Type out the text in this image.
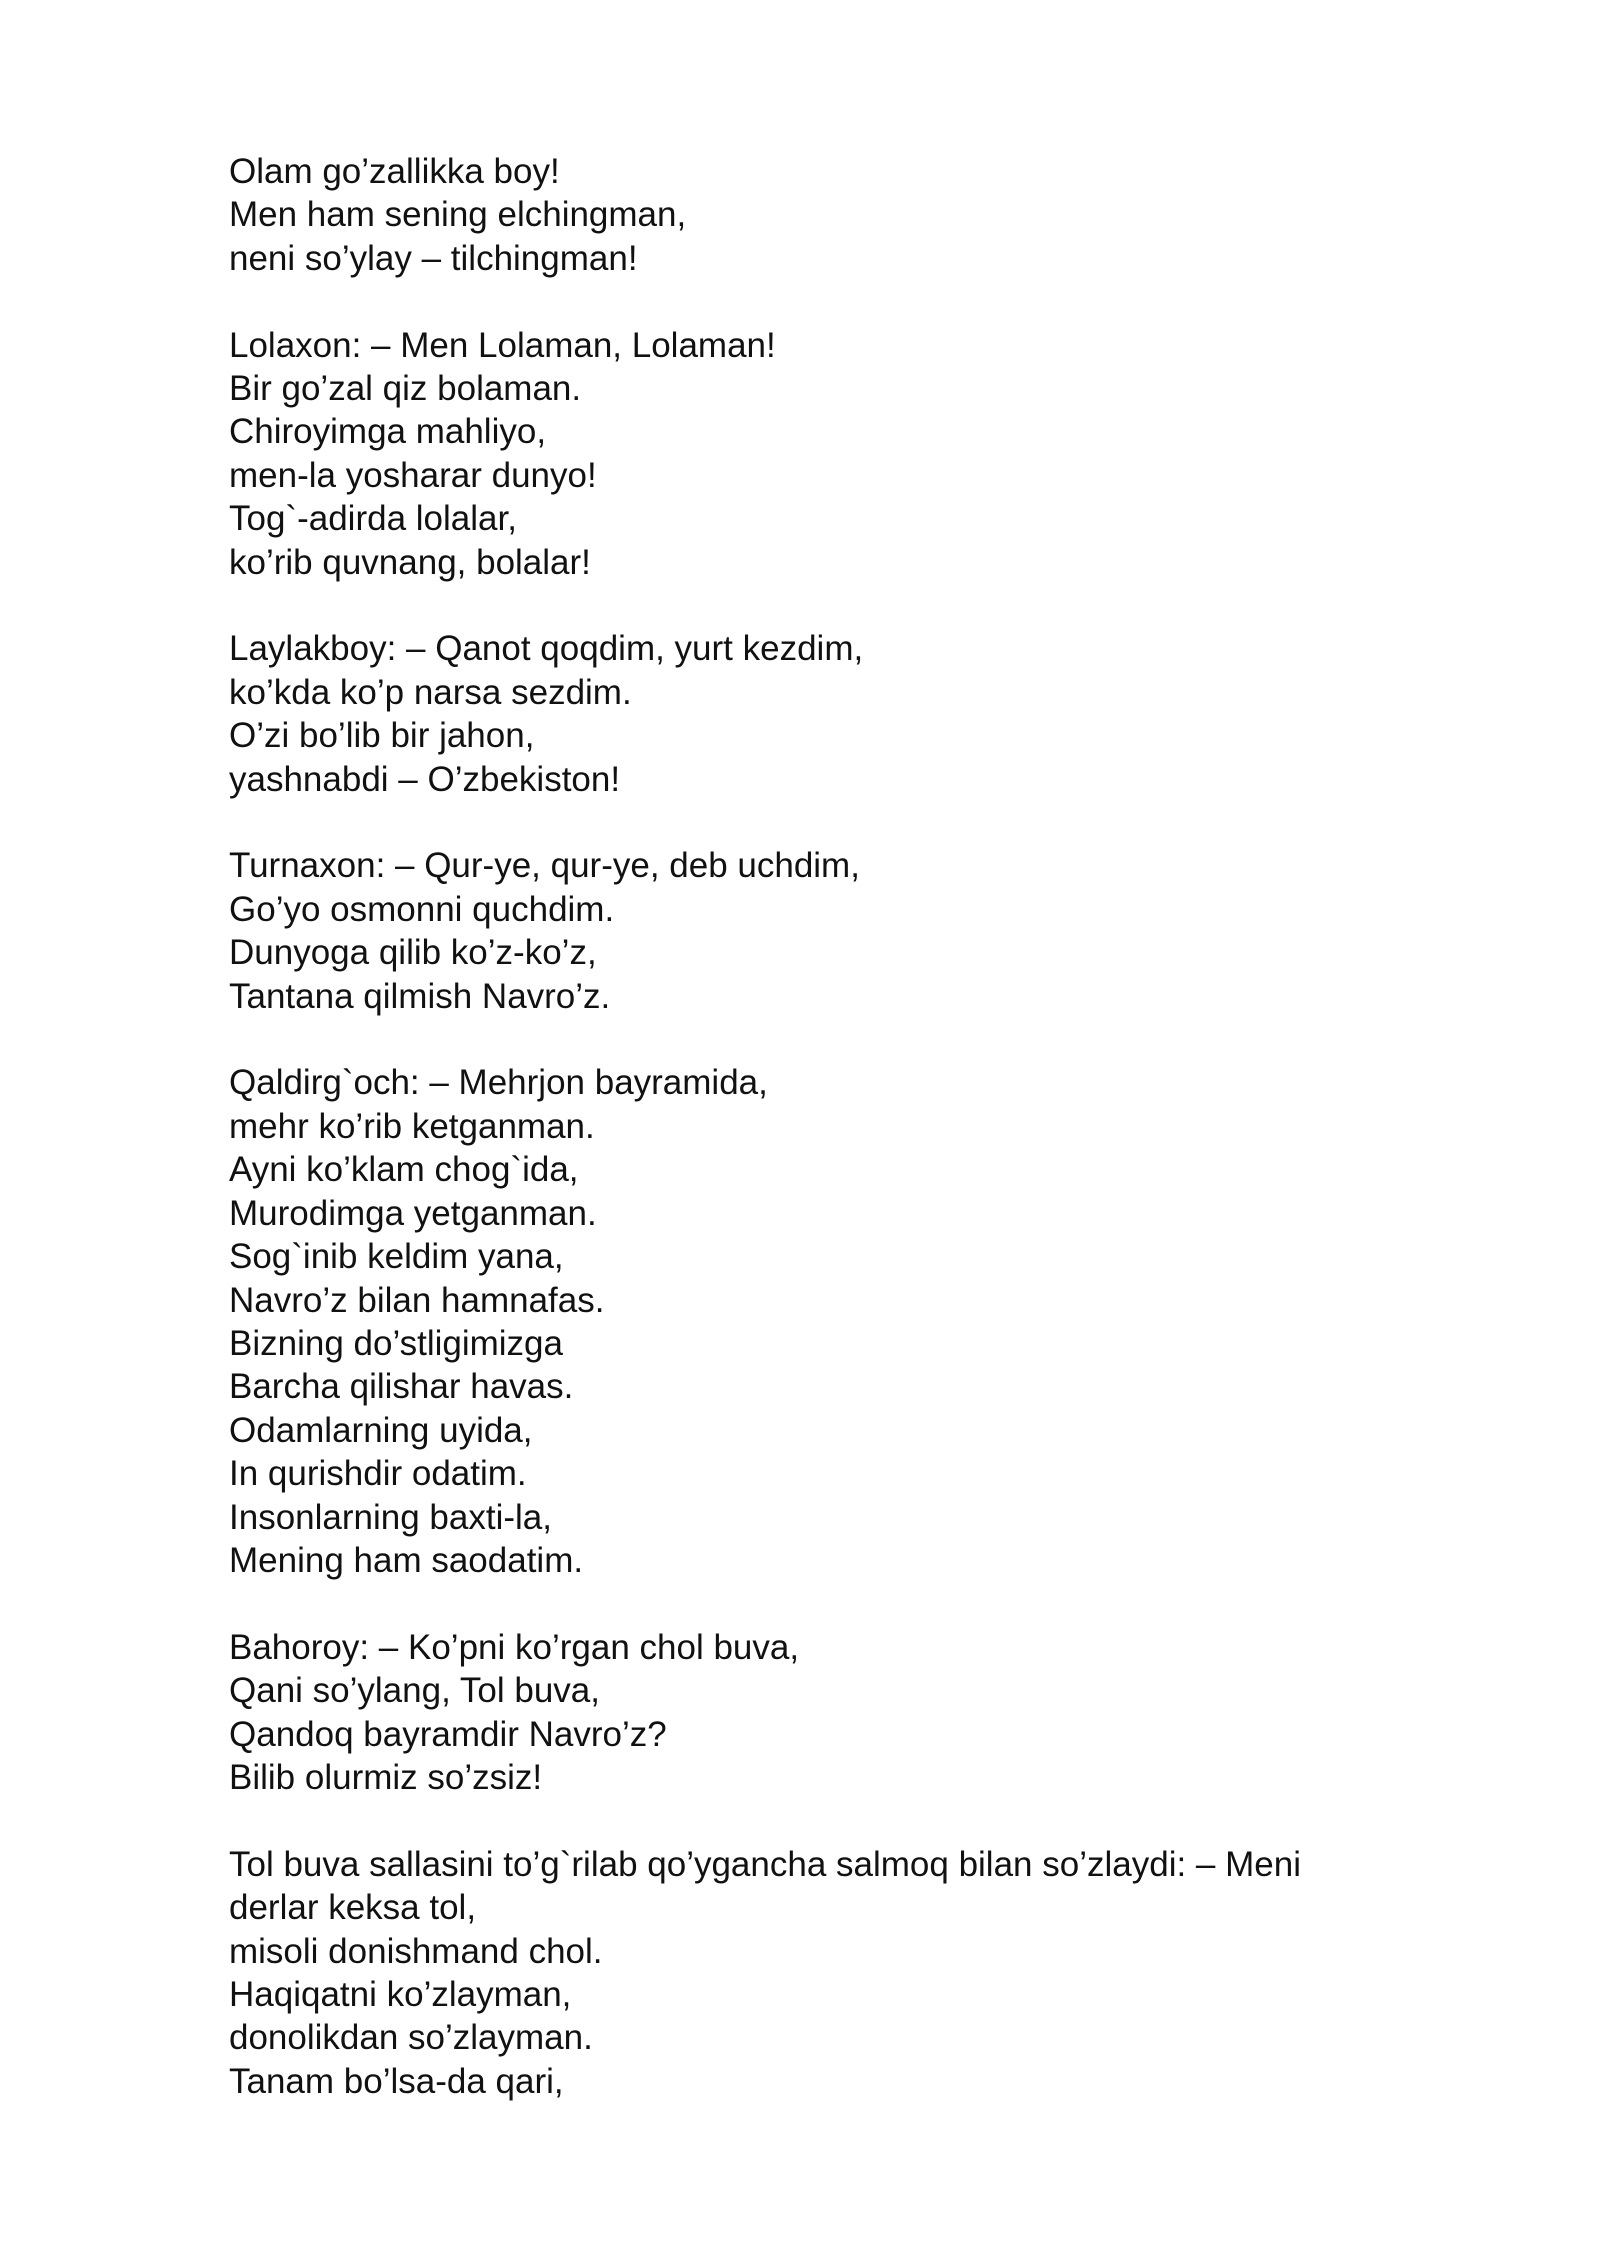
Olam go’zallikka boy!
Men ham sening elchingman,
neni so’ylay – tilchingman!
Lolaxon: – Men Lolaman, Lolaman!
Bir go’zal qiz bolaman.
Chiroyimga mahliyo,
men-la yosharar dunyo!
Tog`-adirda lolalar,
ko’rib quvnang, bolalar!
Laylakboy: – Qanot qoqdim, yurt kezdim,
ko’kda ko’p narsa sezdim.
O’zi bo’lib bir jahon,
yashnabdi – O’zbekiston!
Turnaxon: – Qur-ye, qur-ye, deb uchdim,
Go’yo osmonni quchdim.
Dunyoga qilib ko’z-ko’z,
Tantana qilmish Navro’z.
Qaldirg`och: – Mehrjon bayramida,
mehr ko’rib ketganman.
Ayni ko’klam chog`ida,
Murodimga yetganman.
Sog`inib keldim yana,
Navro’z bilan hamnafas.
Bizning do’stligimizga
Barcha qilishar havas.
Odamlarning uyida,
In qurishdir odatim.
Insonlarning baxti-la,
Mening ham saodatim.
Bahoroy: – Ko’pni ko’rgan chol buva,
Qani so’ylang, Tol buva,
Qandoq bayramdir Navro’z?
Bilib olurmiz so’zsiz!
Tol buva sallasini to’g`rilab qo’yganch‌a salmoq bilan so’zlaydi: – Meni
derlar keksa tol,
misoli donishmand chol.
Haqiqatni ko’zlayman,
donolikdan so’zlayman.
Tanam bo’lsa-da qari,
